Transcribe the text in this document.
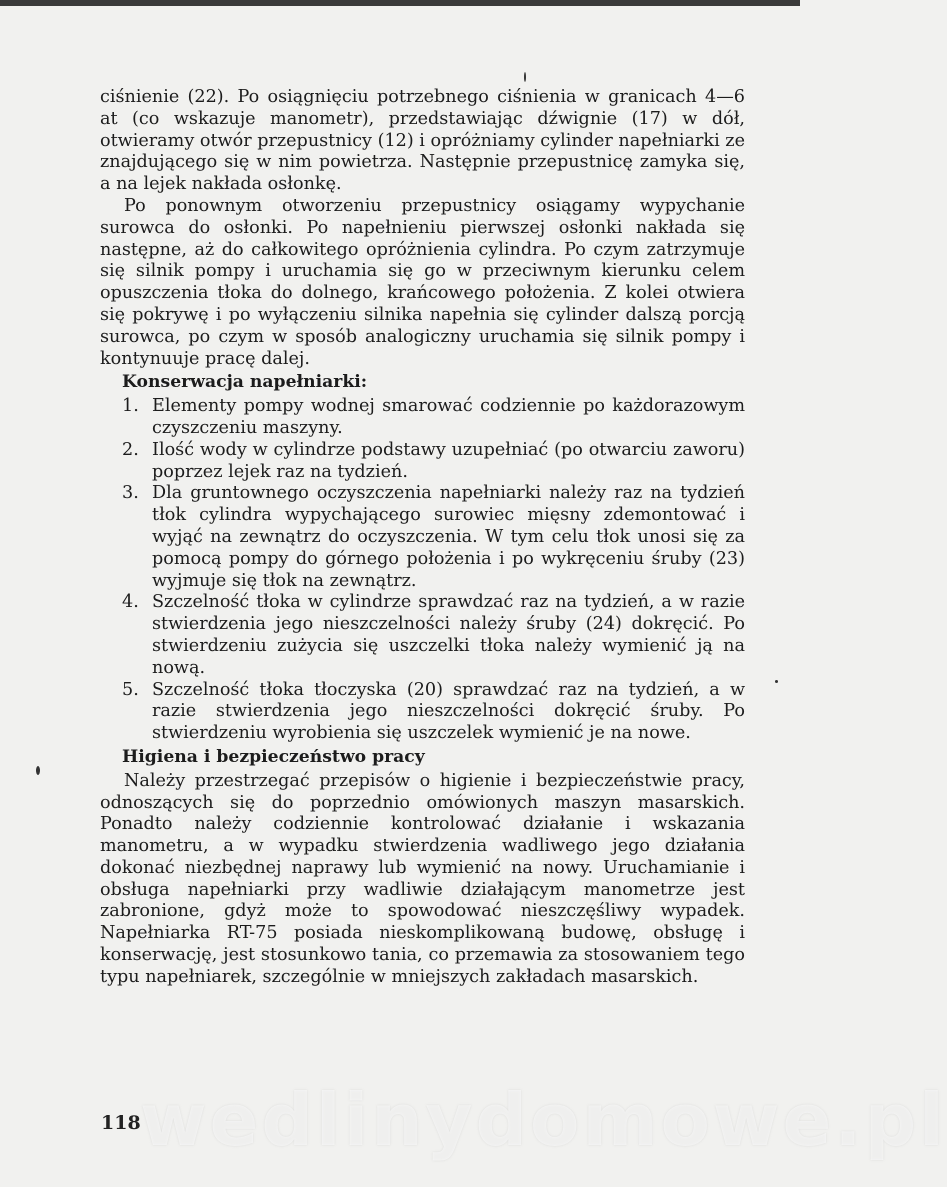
ciśnienie (22). Po osiągnięciu potrzebnego ciśnienia w granicach 4—6 at (co wskazuje manometr), przedstawiając dźwignie (17) w dół, otwieramy otwór przepustnicy (12) i opróżniamy cylinder napełniarki ze znajdującego się w nim powietrza. Następnie przepustnicę zamyka się, a na lejek nakłada osłonkę.

Po ponownym otworzeniu przepustnicy osiągamy wypychanie surowca do osłonki. Po napełnieniu pierwszej osłonki nakłada się następne, aż do całkowitego opróżnienia cylindra. Po czym zatrzymuje się silnik pompy i uruchamia się go w przeciwnym kierunku celem opuszczenia tłoka do dolnego, krańcowego położenia. Z kolei otwiera się pokrywę i po wyłączeniu silnika napełnia się cylinder dalszą porcją surowca, po czym w sposób analogiczny uruchamia się silnik pompy i kontynuuje pracę dalej.

Konserwacja napełniarki:
1. Elementy pompy wodnej smarować codziennie po każdorazowym czyszczeniu maszyny.
2. Ilość wody w cylindrze podstawy uzupełniać (po otwarciu zaworu) poprzez lejek raz na tydzień.
3. Dla gruntownego oczyszczenia napełniarki należy raz na tydzień tłok cylindra wypychającego surowiec mięsny zdemontować i wyjąć na zewnątrz do oczyszczenia. W tym celu tłok unosi się za pomocą pompy do górnego położenia i po wykręceniu śruby (23) wyjmuje się tłok na zewnątrz.
4. Szczelność tłoka w cylindrze sprawdzać raz na tydzień, a w razie stwierdzenia jego nieszczelności należy śruby (24) dokręcić. Po stwierdzeniu zużycia się uszczelki tłoka należy wymienić ją na nową.
5. Szczelność tłoka tłoczyska (20) sprawdzać raz na tydzień, a w razie stwierdzenia jego nieszczelności dokręcić śruby. Po stwierdzeniu wyrobienia się uszczelek wymienić je na nowe.
Higiena i bezpieczeństwo pracy

Należy przestrzegać przepisów o higienie i bezpieczeństwie pracy, odnoszących się do poprzednio omówionych maszyn masarskich. Ponadto należy codziennie kontrolować działanie i wskazania manometru, a w wypadku stwierdzenia wadliwego jego działania dokonać niezbędnej naprawy lub wymienić na nowy. Uruchamianie i obsługa napełniarki przy wadliwie działającym manometrze jest zabronione, gdyż może to spowodować nieszczęśliwy wypadek. Napełniarka RT-75 posiada nieskomplikowaną budowę, obsługę i konserwację, jest stosunkowo tania, co przemawia za stosowaniem tego typu napełniarek, szczególnie w mniejszych zakładach masarskich.

wedlinydomowe.pl
118
